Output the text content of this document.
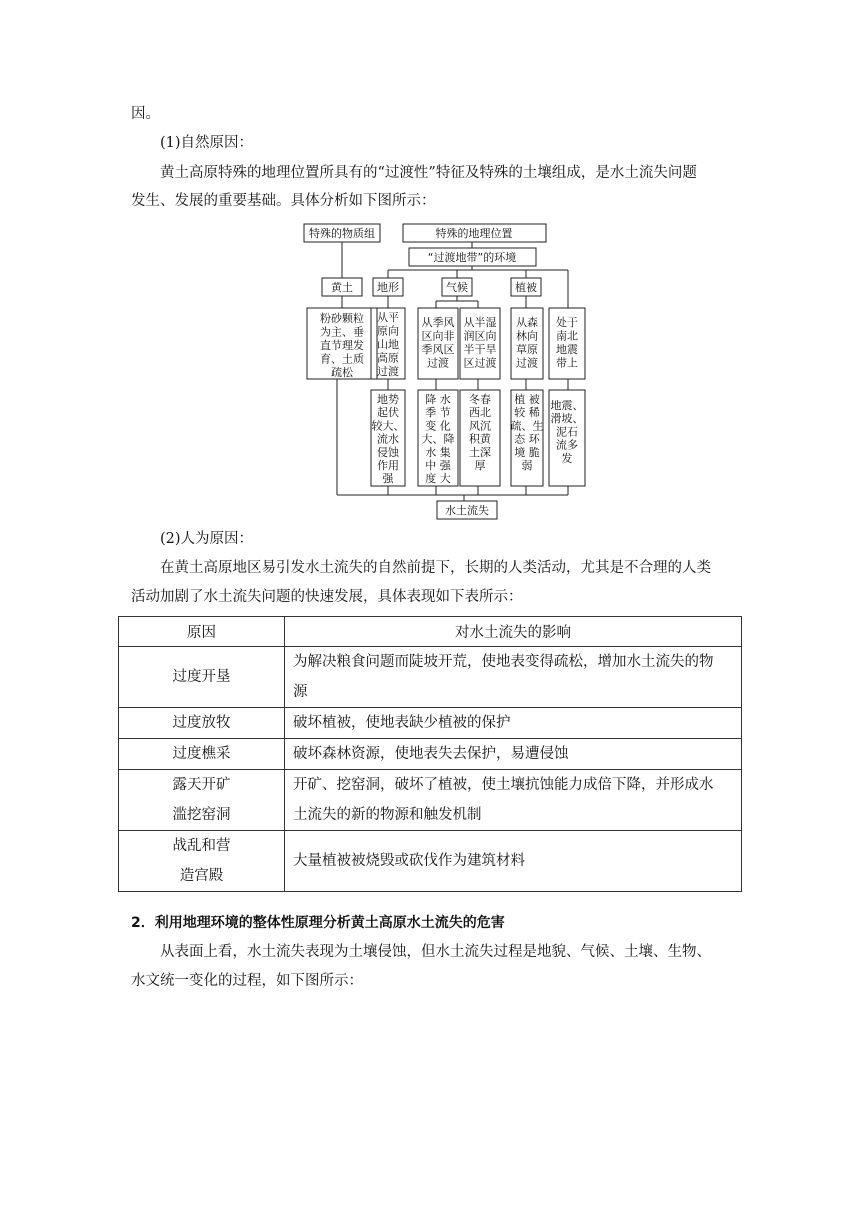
因。
(1)自然原因：
黄土高原特殊的地理位置所具有的“过渡性”特征及特殊的土壤组成，是水土流失问题
发生、发展的重要基础。具体分析如下图所示：
特殊的物质组	特殊的地理位置
“过渡地带”的环境
黄土 地形	气候	植被
水土流失
粉砂颗粒为主、垂直节理发育、土质疏松
从平原向山地高原过渡
从季风区向非季风区过渡
从半湿润区向半干旱区过渡
从森林向草原过渡
处于南北地震带上
地势起伏较大、流水侵蚀作用强
降 水季 节变 化大、降水 集中 强度 大
冬春西北风沉积黄土深厚
植 被较 稀疏、生态 环境 脆弱
地震、滑坡、泥石流多发
(2)人为原因：
在黄土高原地区易引发水土流失的自然前提下，长期的人类活动，尤其是不合理的人类
活动加剧了水土流失问题的快速发展，具体表现如下表所示：
原因	对水土流失的影响
过度开垦	为解决粮食问题而陡坡开荒，使地表变得疏松，增加水土流失的物
源
过度放牧	破坏植被，使地表缺少植被的保护
过度樵采	破坏森林资源，使地表失去保护，易遭侵蚀
露天开矿
滥挖窑洞	开矿、挖窑洞，破坏了植被，使土壤抗蚀能力成倍下降，并形成水
土流失的新的物源和触发机制
战乱和营
造宫殿	大量植被被烧毁或砍伐作为建筑材料
2．利用地理环境的整体性原理分析黄土高原水土流失的危害
从表面上看，水土流失表现为土壤侵蚀，但水土流失过程是地貌、气候、土壤、生物、
水文统一变化的过程，如下图所示：
